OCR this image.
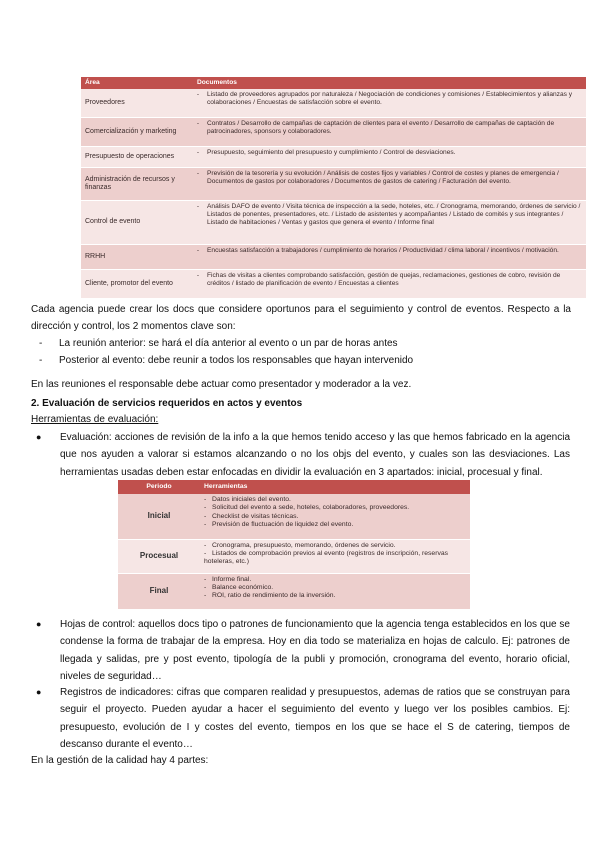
Área	Documentos	
Proveedores	-	Listado de proveedores agrupados por naturaleza / Negociación de condiciones y comisiones / Establecimientos y alianzas y colaboraciones / Encuestas de satisfacción sobre el evento.
Comercialización y marketing	-	Contratos / Desarrollo de campañas de captación de clientes para el evento / Desarrollo de campañas de captación de patrocinadores, sponsors y colaboradores.
Presupuesto de operaciones	-	Presupuesto, seguimiento del presupuesto y cumplimiento / Control de desviaciones.
Administración de recursos y finanzas	-	Previsión de la tesorería y su evolución / Análisis de costes fijos y variables / Control de costes y planes de emergencia / Documentos de gastos por colaboradores / Documentos de gastos de catering / Facturación del evento.
Control de evento	-	Análisis DAFO de evento / Visita técnica de inspección a la sede, hoteles, etc. / Cronograma, memorando, órdenes de servicio / Listados de ponentes, presentadores, etc. / Listado de asistentes y acompañantes / Listado de comités y sus integrantes / Listado de habitaciones / Ventas y gastos que genera el evento / Informe final
RRHH	-	Encuestas satisfacción a trabajadores / cumplimiento de horarios / Productividad / clima laboral / incentivos / motivación.
Cliente, promotor del evento	-	Fichas de visitas a clientes comprobando satisfacción, gestión de quejas, reclamaciones, gestiones de cobro, revisión de créditos / listado de planificación de evento / Encuestas a clientes
Cada agencia puede crear los docs que considere oportunos para el seguimiento y control de eventos. Respecto a la dirección y control, los 2 momentos clave son:
- La reunión anterior: se hará el día anterior al evento o un par de horas antes
- Posterior al evento: debe reunir a todos los responsables que hayan intervenido
En las reuniones el responsable debe actuar como presentador y moderador a la vez.
2. Evaluación de servicios requeridos en actos y eventos
Herramientas de evaluación:
● Evaluación: acciones de revisión de la info a la que hemos tenido acceso y las que hemos fabricado en la agencia que nos ayuden a valorar si estamos alcanzando o no los objs del evento, y cuales son las desviaciones. Las herramientas usadas deben estar enfocadas en dividir la evaluación en 3 apartados: inicial, procesual y final.
Periodo	Herramientas
Inicial	- Datos iniciales del evento.
- Solicitud del evento a sede, hoteles, colaboradores, proveedores.
- Checklist de visitas técnicas.
- Previsión de fluctuación de liquidez del evento.

Procesual	- Cronograma, presupuesto, memorando, órdenes de servicio.
- Listados de comprobación previos al evento (registros de inscripción, reservas hoteleras, etc.)

Final	- Informe final.
- Balance económico.
- ROI, ratio de rendimiento de la inversión.
● Hojas de control: aquellos docs tipo o patrones de funcionamiento que la agencia tenga establecidos en los que se condense la forma de trabajar de la empresa. Hoy en dia todo se materializa en hojas de calculo. Ej: patrones de llegada y salidas, pre y post evento, tipología de la publi y promoción, cronograma del evento, horario oficial, niveles de seguridad…
● Registros de indicadores: cifras que comparen realidad y presupuestos, ademas de ratios que se construyan para seguir el proyecto. Pueden ayudar a hacer el seguimiento del evento y luego ver los posibles cambios. Ej: presupuesto, evolución de I y costes del evento, tiempos en los que se hace el S de catering, tiempos de descanso durante el evento…
En la gestión de la calidad hay 4 partes:
